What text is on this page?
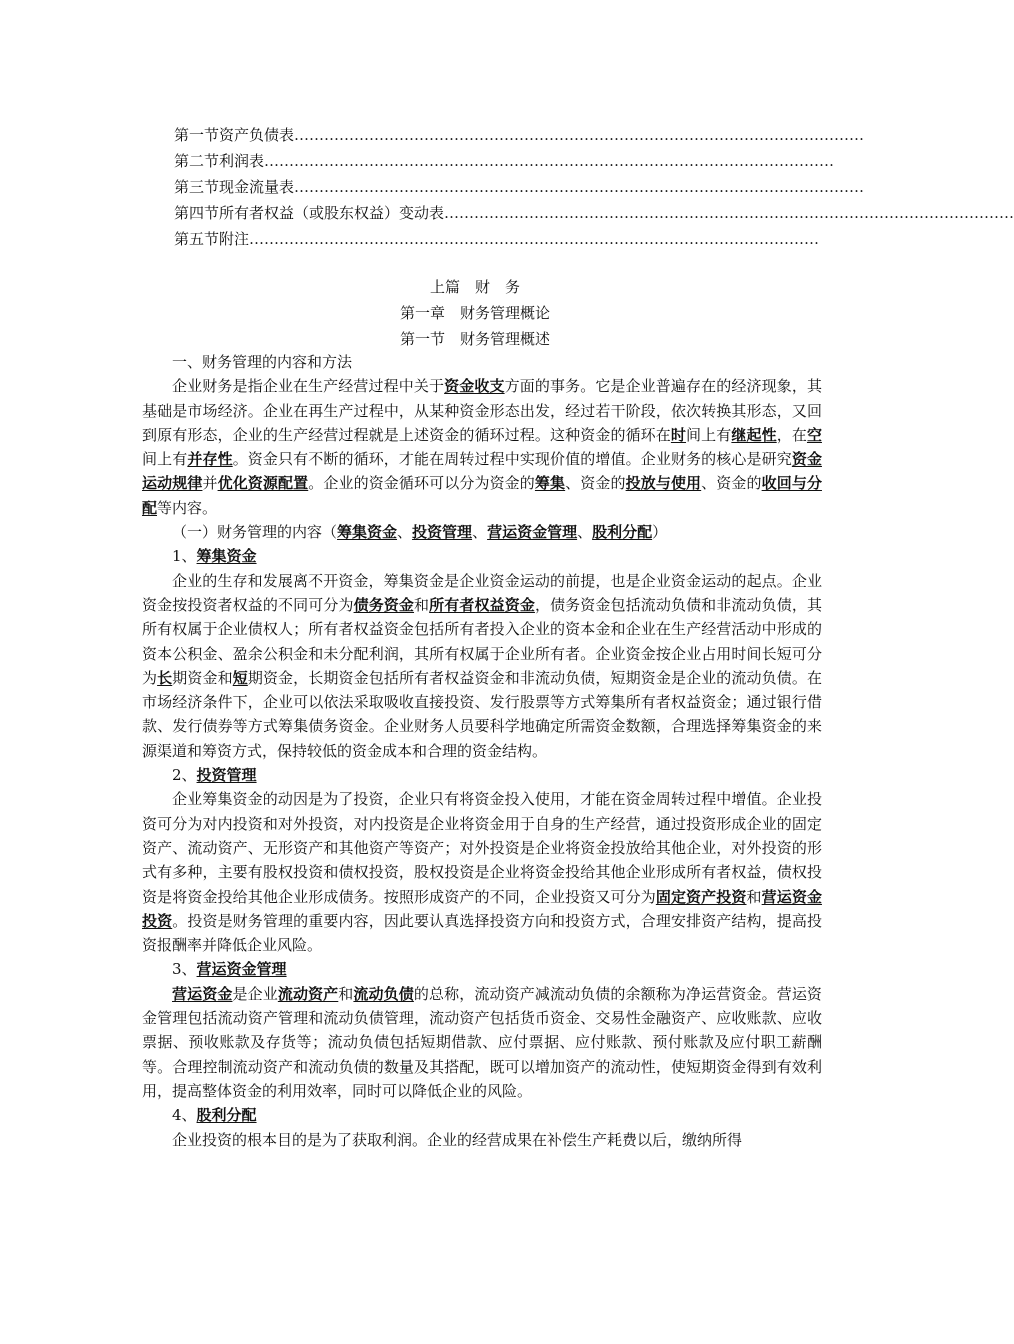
第一节 资产负债表 ……………………………………………………………………………………………………
第二节 利润表 ……………………………………………………………………………………………………
第三节 现金流量表 ……………………………………………………………………………………………………
第四节 所有者权益（或股东权益）变动表 ……………………………………………………………………………………………………
第五节 附注 ……………………………………………………………………………………………………
上篇　财　务
第一章　财务管理概论
第一节　财务管理概述
一、财务管理的内容和方法

企业财务是指企业在生产经营过程中关于资金收支方面的事务。它是企业普遍存在的经济现象，其基础是市场经济。企业在再生产过程中，从某种资金形态出发，经过若干阶段，依次转换其形态，又回到原有形态，企业的生产经营过程就是上述资金的循环过程。这种资金的循环在时间上有继起性，在空间上有并存性。资金只有不断的循环，才能在周转过程中实现价值的增值。企业财务的核心是研究资金运动规律并优化资源配置。企业的资金循环可以分为资金的筹集、资金的投放与使用、资金的收回与分配等内容。

（一）财务管理的内容（筹集资金、投资管理、营运资金管理、股利分配）
1、筹集资金

企业的生存和发展离不开资金，筹集资金是企业资金运动的前提，也是企业资金运动的起点。企业资金按投资者权益的不同可分为债务资金和所有者权益资金，债务资金包括流动负债和非流动负债，其所有权属于企业债权人；所有者权益资金包括所有者投入企业的资本金和企业在生产经营活动中形成的资本公积金、盈余公积金和未分配利润，其所有权属于企业所有者。企业资金按企业占用时间长短可分为长期资金和短期资金，长期资金包括所有者权益资金和非流动负债，短期资金是企业的流动负债。在市场经济条件下，企业可以依法采取吸收直接投资、发行股票等方式筹集所有者权益资金；通过银行借款、发行债券等方式筹集债务资金。企业财务人员要科学地确定所需资金数额，合理选择筹集资金的来源渠道和筹资方式，保持较低的资金成本和合理的资金结构。

2、投资管理

企业筹集资金的动因是为了投资，企业只有将资金投入使用，才能在资金周转过程中增值。企业投资可分为对内投资和对外投资，对内投资是企业将资金用于自身的生产经营，通过投资形成企业的固定资产、流动资产、无形资产和其他资产等资产；对外投资是企业将资金投放给其他企业，对外投资的形式有多种，主要有股权投资和债权投资，股权投资是企业将资金投给其他企业形成所有者权益，债权投资是将资金投给其他企业形成债务。按照形成资产的不同，企业投资又可分为固定资产投资和营运资金投资。投资是财务管理的重要内容，因此要认真选择投资方向和投资方式，合理安排资产结构，提高投资报酬率并降低企业风险。

3、营运资金管理

营运资金是企业流动资产和流动负债的总称，流动资产减流动负债的余额称为净运营资金。营运资金管理包括流动资产管理和流动负债管理，流动资产包括货币资金、交易性金融资产、应收账款、应收票据、预收账款及存货等；流动负债包括短期借款、应付票据、应付账款、预付账款及应付职工薪酬等。合理控制流动资产和流动负债的数量及其搭配，既可以增加资产的流动性，使短期资金得到有效利用，提高整体资金的利用效率，同时可以降低企业的风险。

4、股利分配

企业投资的根本目的是为了获取利润。企业的经营成果在补偿生产耗费以后，缴纳所得
